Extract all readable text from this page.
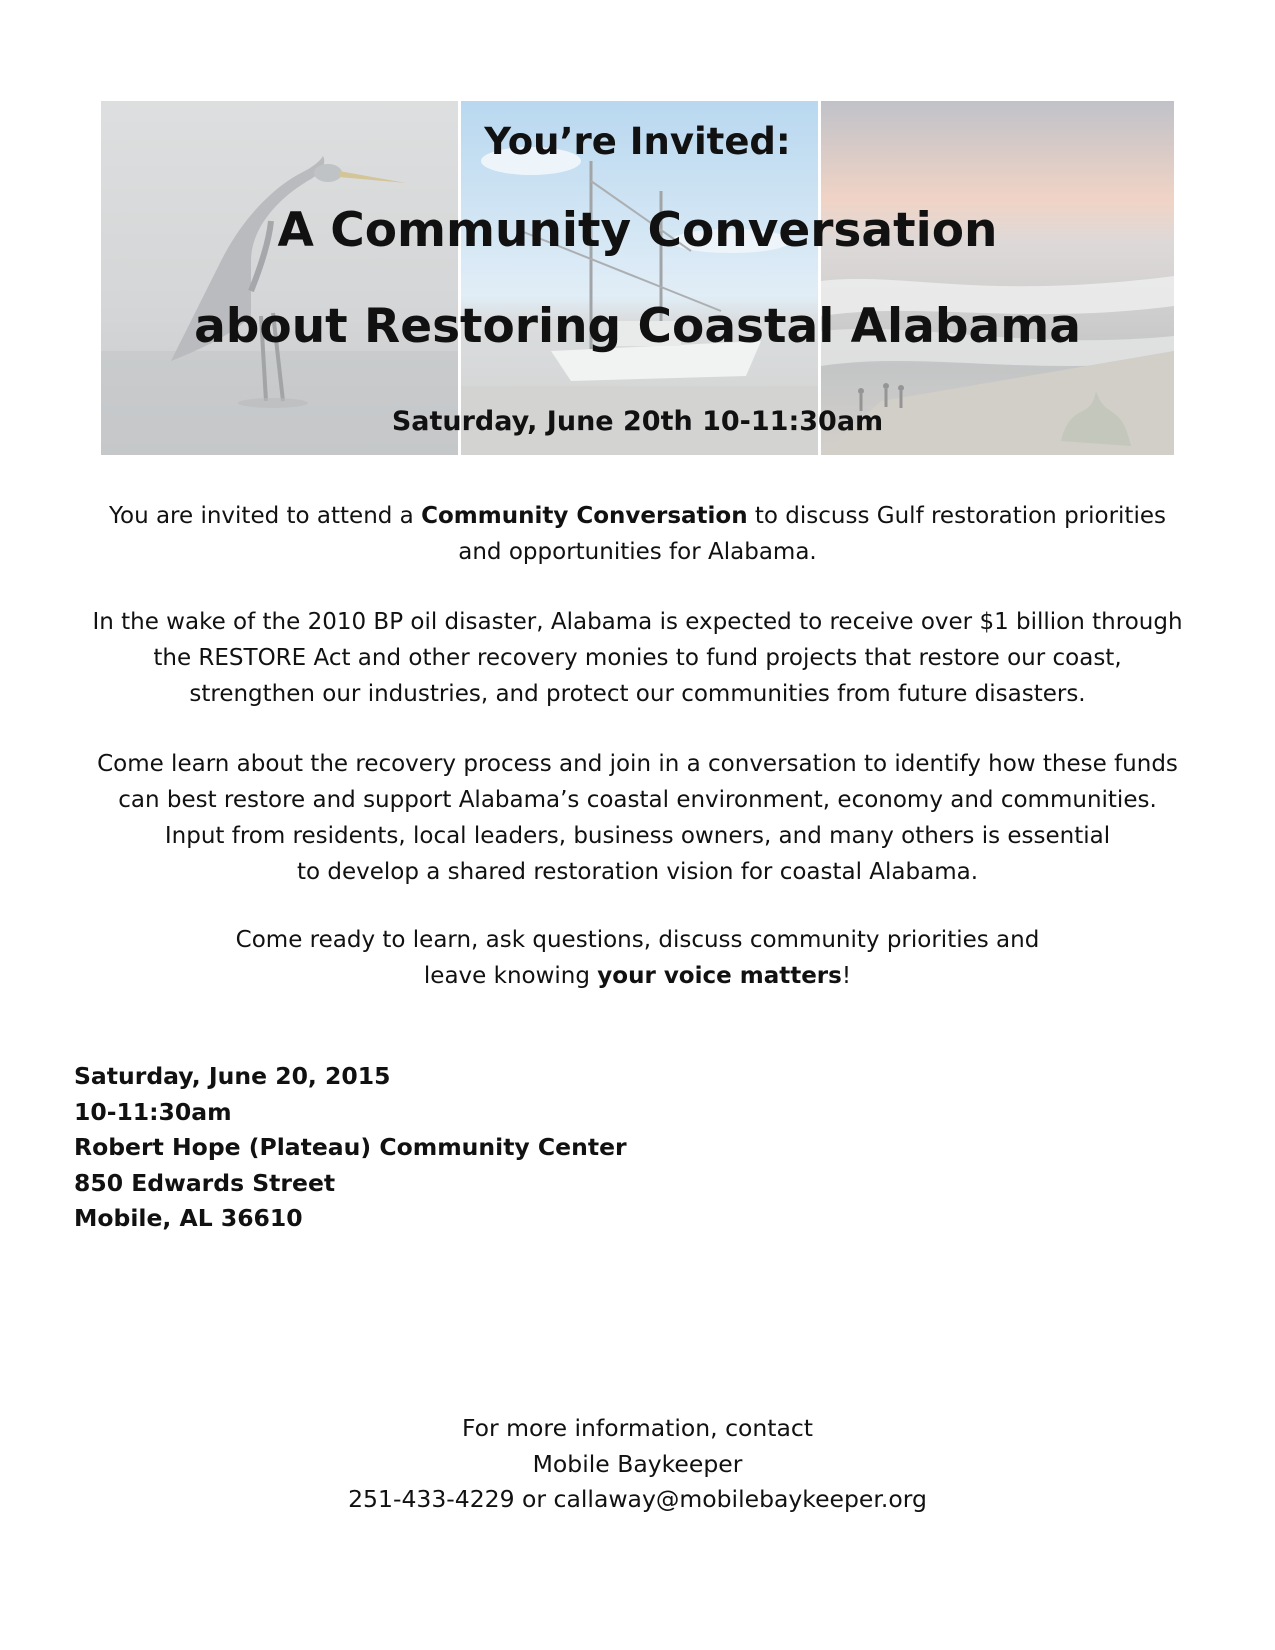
You’re Invited:
A Community Conversation
about Restoring Coastal Alabama
Saturday, June 20th 10-11:30am

You are invited to attend a Community Conversation to discuss Gulf restoration priorities

and opportunities for Alabama.

In the wake of the 2010 BP oil disaster, Alabama is expected to receive over $1 billion through

the RESTORE Act and other recovery monies to fund projects that restore our coast,

strengthen our industries, and protect our communities from future disasters.

Come learn about the recovery process and join in a conversation to identify how these funds

can best restore and support Alabama’s coastal environment, economy and communities.

Input from residents, local leaders, business owners, and many others is essential

to develop a shared restoration vision for coastal Alabama.

Come ready to learn, ask questions, discuss community priorities and

leave knowing your voice matters!

Saturday, June 20, 2015
10-11:30am
Robert Hope (Plateau) Community Center
850 Edwards Street
Mobile, AL 36610
For more information, contact
Mobile Baykeeper
251-433-4229 or callaway@mobilebaykeeper.org
